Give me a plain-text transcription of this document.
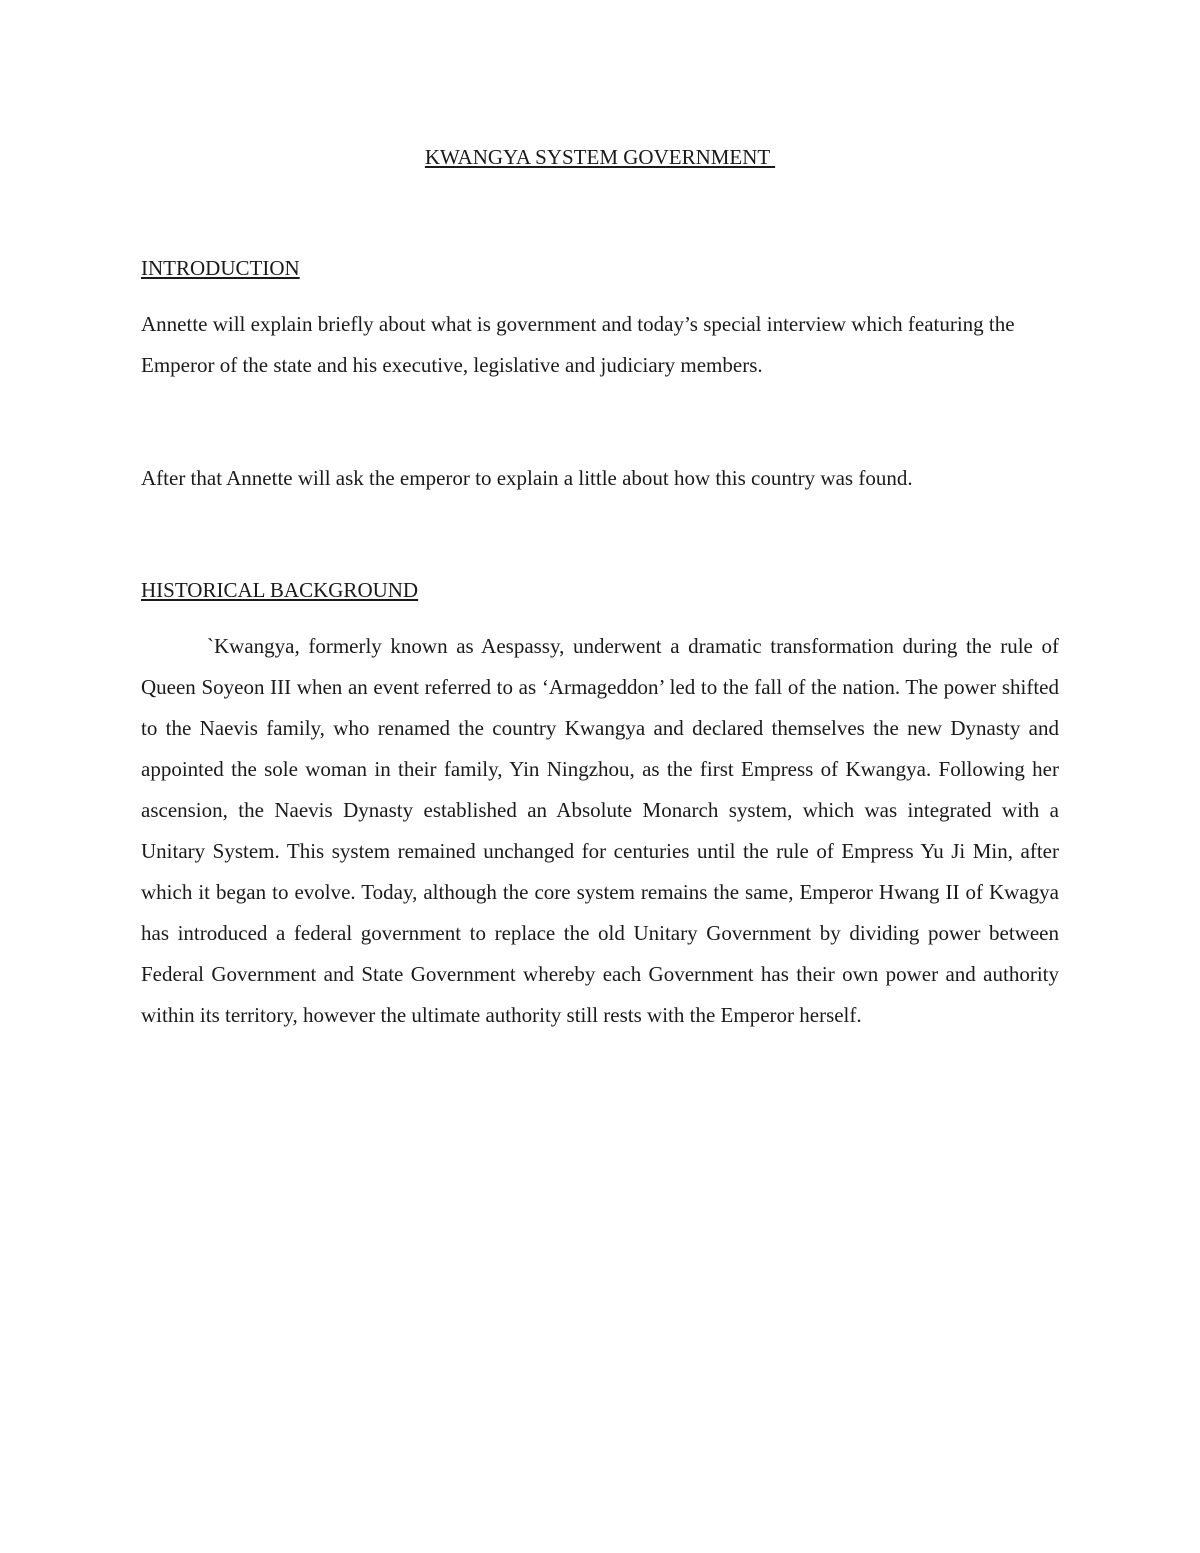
KWANGYA SYSTEM GOVERNMENT
INTRODUCTION

Annette will explain briefly about what is government and today’s special interview which featuring the Emperor of the state and his executive, legislative and judiciary members.

After that Annette will ask the emperor to explain a little about how this country was found.

HISTORICAL BACKGROUND

`Kwangya, formerly known as Aespassy, underwent a dramatic transformation during the rule of Queen Soyeon III when an event referred to as ‘Armageddon’ led to the fall of the nation. The power shifted to the Naevis family, who renamed the country Kwangya and declared themselves the new Dynasty and appointed the sole woman in their family, Yin Ningzhou, as the first Empress of Kwangya. Following her ascension, the Naevis Dynasty established an Absolute Monarch system, which was integrated with a Unitary System. This system remained unchanged for centuries until the rule of Empress Yu Ji Min, after which it began to evolve. Today, although the core system remains the same, Emperor Hwang II of Kwagya has introduced a federal government to replace the old Unitary Government by dividing power between Federal Government and State Government whereby each Government has their own power and authority within its territory, however the ultimate authority still rests with the Emperor herself.
